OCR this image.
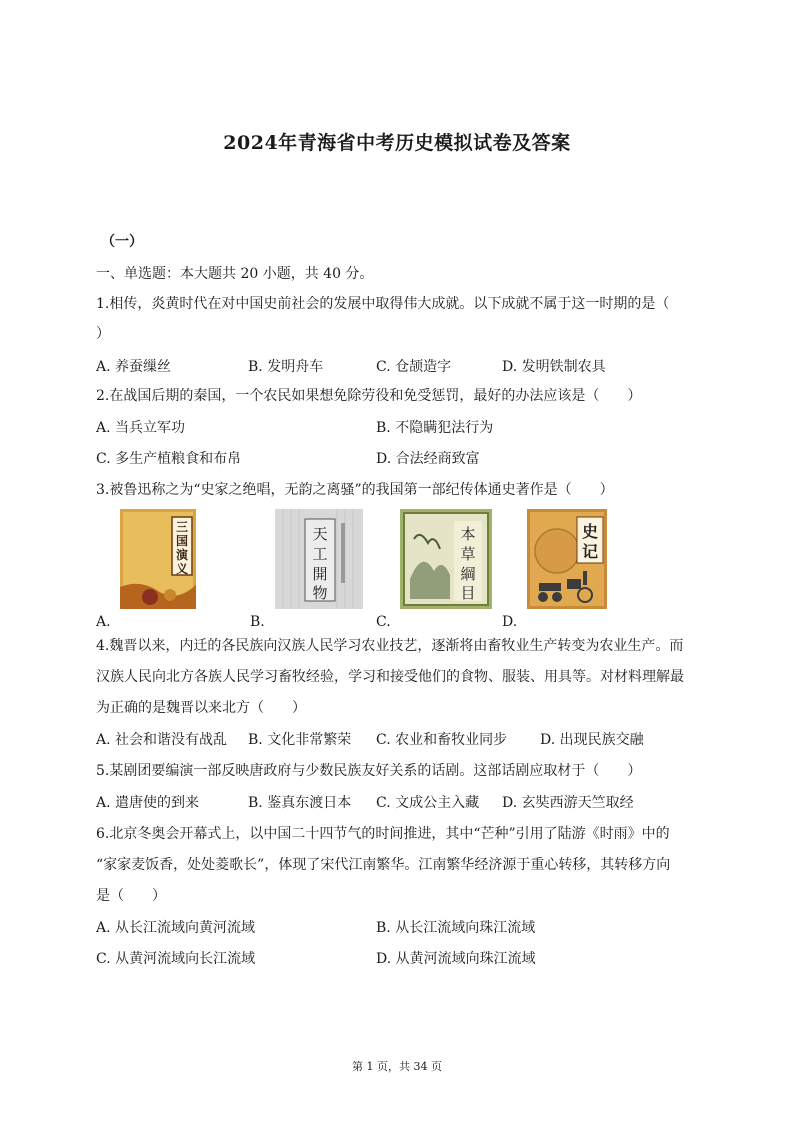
2024年青海省中考历史模拟试卷及答案
（一）
一、单选题：本大题共 20 小题，共 40 分。
1.相传，炎黄时代在对中国史前社会的发展中取得伟大成就。以下成就不属于这一时期的是（
）
A. 养蚕缫丝	B. 发明舟车	C. 仓颉造字	D. 发明铁制农具
2.在战国后期的秦国，一个农民如果想免除劳役和免受惩罚，最好的办法应该是（　　）
A. 当兵立军功	B. 不隐瞒犯法行为
C. 多生产植粮食和布帛	D. 合法经商致富
3.被鲁迅称之为“史家之绝唱，无韵之离骚”的我国第一部纪传体通史著作是（　　）
A.
三
国
演
义
B.
天
工
開
物
C.
本
草
綱
目
D.
史
记
4.魏晋以来，内迁的各民族向汉族人民学习农业技艺，逐渐将由畜牧业生产转变为农业生产。而
汉族人民向北方各族人民学习畜牧经验，学习和接受他们的食物、服装、用具等。对材料理解最
为正确的是魏晋以来北方（　　）
A. 社会和谐没有战乱 B. 文化非常繁荣 C. 农业和畜牧业同步 D. 出现民族交融
5.某剧团要编演一部反映唐政府与少数民族友好关系的话剧。这部话剧应取材于（　　）
A. 遣唐使的到来	B. 鉴真东渡日本 C. 文成公主入藏 D. 玄奘西游天竺取经
6.北京冬奥会开幕式上，以中国二十四节气的时间推进，其中“芒种”引用了陆游《时雨》中的
“家家麦饭香，处处菱歌长”，体现了宋代江南繁华。江南繁华经济源于重心转移，其转移方向
是（　　）
A. 从长江流域向黄河流域	B. 从长江流域向珠江流域
C. 从黄河流域向长江流域	D. 从黄河流域向珠江流域
第 1 页，共 34 页
